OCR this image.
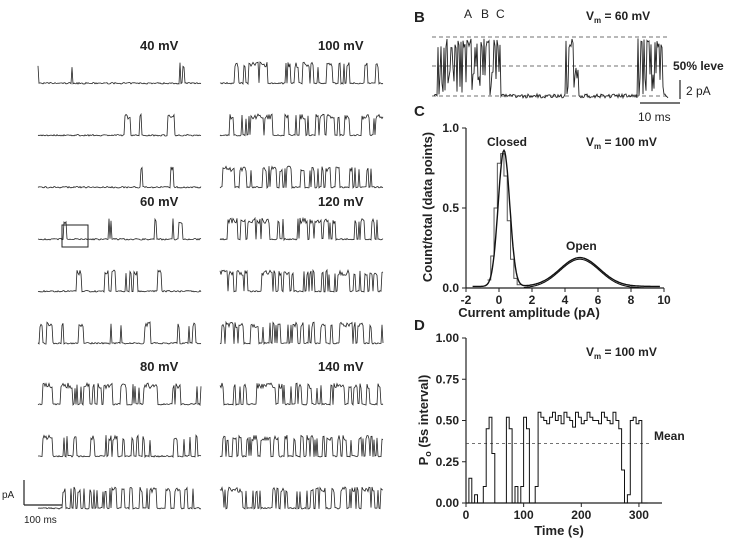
40 mV
60 mV
80 mV
100 mV
120 mV
140 mV
pA
100 ms
B	$V_m = 60$ mV
A B C
50% leve
2 pA
10 ms
C
$V_m = 100$ mV
Closed
Open
-2 0 2 4 6 8 10
0.0
0.5
1.0
Current amplitude (pA)
Count/total (data points)
D
$V_m = 100$ mV
Mean
0	100	200	300
0.00
0.25
0.50
0.75
1.00
Time (s)
$P_o$ (5s interval)
